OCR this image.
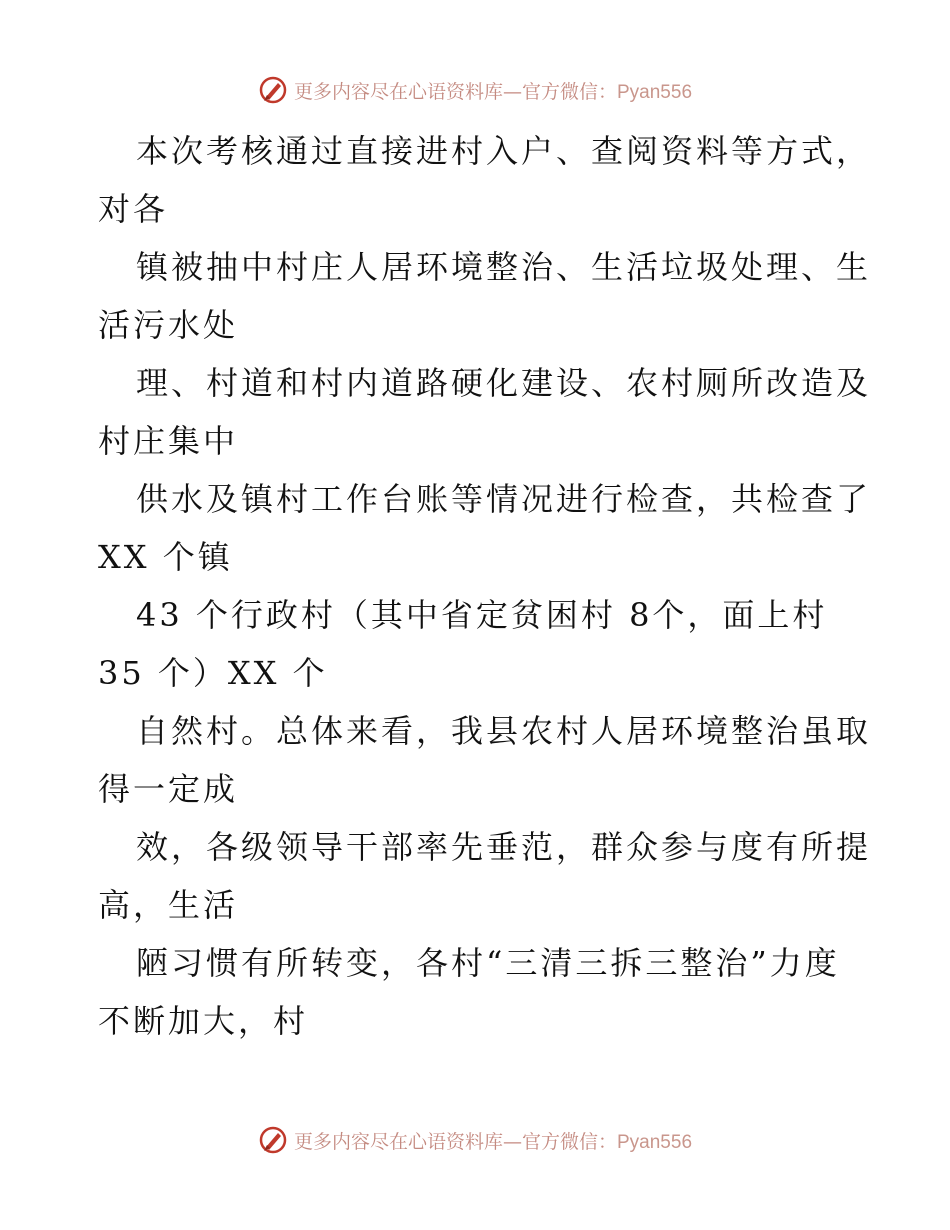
更多内容尽在心语资料库—官方微信：Pyan556
本次考核通过直接进村入户、查阅资料等方式，
对各
镇被抽中村庄人居环境整治、生活垃圾处理、生
活污水处
理、村道和村内道路硬化建设、农村厕所改造及
村庄集中
供水及镇村工作台账等情况进行检查，共检查了
XX 个镇
43 个行政村（其中省定贫困村 8个，面上村
35 个）XX 个
自然村。总体来看，我县农村人居环境整治虽取
得一定成
效，各级领导干部率先垂范，群众参与度有所提
高，生活
陋习惯有所转变，各村“三清三拆三整治”力度
不断加大，村
更多内容尽在心语资料库—官方微信：Pyan556
